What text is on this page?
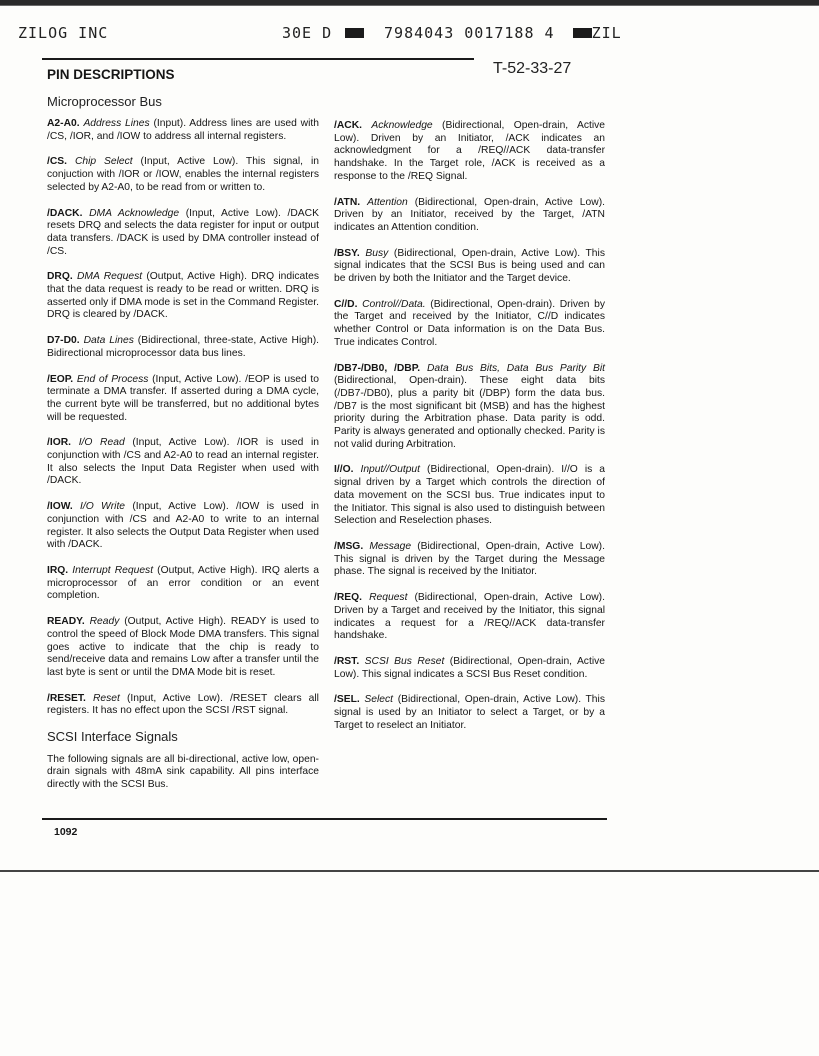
ZILOG INC	30E D	7984043 0017188 4 ZIL
PIN DESCRIPTIONS	T-52-33-27
Microprocessor Bus

A2-A0. Address Lines (Input). Address lines are used with /CS, /IOR, and /IOW to address all internal registers.

/CS. Chip Select (Input, Active Low). This signal, in conjuction with /IOR or /IOW, enables the internal registers selected by A2-A0, to be read from or written to.

/DACK. DMA Acknowledge (Input, Active Low). /DACK resets DRQ and selects the data register for input or output data transfers. /DACK is used by DMA controller instead of /CS.

DRQ. DMA Request (Output, Active High). DRQ indicates that the data request is ready to be read or written. DRQ is asserted only if DMA mode is set in the Command Register. DRQ is cleared by /DACK.

D7-D0. Data Lines (Bidirectional, three-state, Active High). Bidirectional microprocessor data bus lines.

/EOP. End of Process (Input, Active Low). /EOP is used to terminate a DMA transfer. If asserted during a DMA cycle, the current byte will be transferred, but no additional bytes will be requested.

/IOR. I/O Read (Input, Active Low). /IOR is used in conjunction with /CS and A2-A0 to read an internal register. It also selects the Input Data Register when used with /DACK.

/IOW. I/O Write (Input, Active Low). /IOW is used in conjunction with /CS and A2-A0 to write to an internal register. It also selects the Output Data Register when used with /DACK.

IRQ. Interrupt Request (Output, Active High). IRQ alerts a microprocessor of an error condition or an event completion.

READY. Ready (Output, Active High). READY is used to control the speed of Block Mode DMA transfers. This signal goes active to indicate that the chip is ready to send/receive data and remains Low after a transfer until the last byte is sent or until the DMA Mode bit is reset.

/RESET. Reset (Input, Active Low). /RESET clears all registers. It has no effect upon the SCSI /RST signal.

SCSI Interface Signals

The following signals are all bi-directional, active low, open-drain signals with 48mA sink capability. All pins interface directly with the SCSI Bus.

/ACK. Acknowledge (Bidirectional, Open-drain, Active Low). Driven by an Initiator, /ACK indicates an acknowledgment for a /REQ//ACK data-transfer handshake. In the Target role, /ACK is received as a response to the /REQ Signal.

/ATN. Attention (Bidirectional, Open-drain, Active Low). Driven by an Initiator, received by the Target, /ATN indicates an Attention condition.

/BSY. Busy (Bidirectional, Open-drain, Active Low). This signal indicates that the SCSI Bus is being used and can be driven by both the Initiator and the Target device.

C//D. Control//Data. (Bidirectional, Open-drain). Driven by the Target and received by the Initiator, C//D indicates whether Control or Data information is on the Data Bus. True indicates Control.

/DB7-/DB0, /DBP. Data Bus Bits, Data Bus Parity Bit (Bidirectional, Open-drain). These eight data bits (/DB7-/DB0), plus a parity bit (/DBP) form the data bus. /DB7 is the most significant bit (MSB) and has the highest priority during the Arbitration phase. Data parity is odd. Parity is always generated and optionally checked. Parity is not valid during Arbitration.

I//O. Input//Output (Bidirectional, Open-drain). I//O is a signal driven by a Target which controls the direction of data movement on the SCSI bus. True indicates input to the Initiator. This signal is also used to distinguish between Selection and Reselection phases.

/MSG. Message (Bidirectional, Open-drain, Active Low). This signal is driven by the Target during the Message phase. The signal is received by the Initiator.

/REQ. Request (Bidirectional, Open-drain, Active Low). Driven by a Target and received by the Initiator, this signal indicates a request for a /REQ//ACK data-transfer handshake.

/RST. SCSI Bus Reset (Bidirectional, Open-drain, Active Low). This signal indicates a SCSI Bus Reset condition.

/SEL. Select (Bidirectional, Open-drain, Active Low). This signal is used by an Initiator to select a Target, or by a Target to reselect an Initiator.

1092
